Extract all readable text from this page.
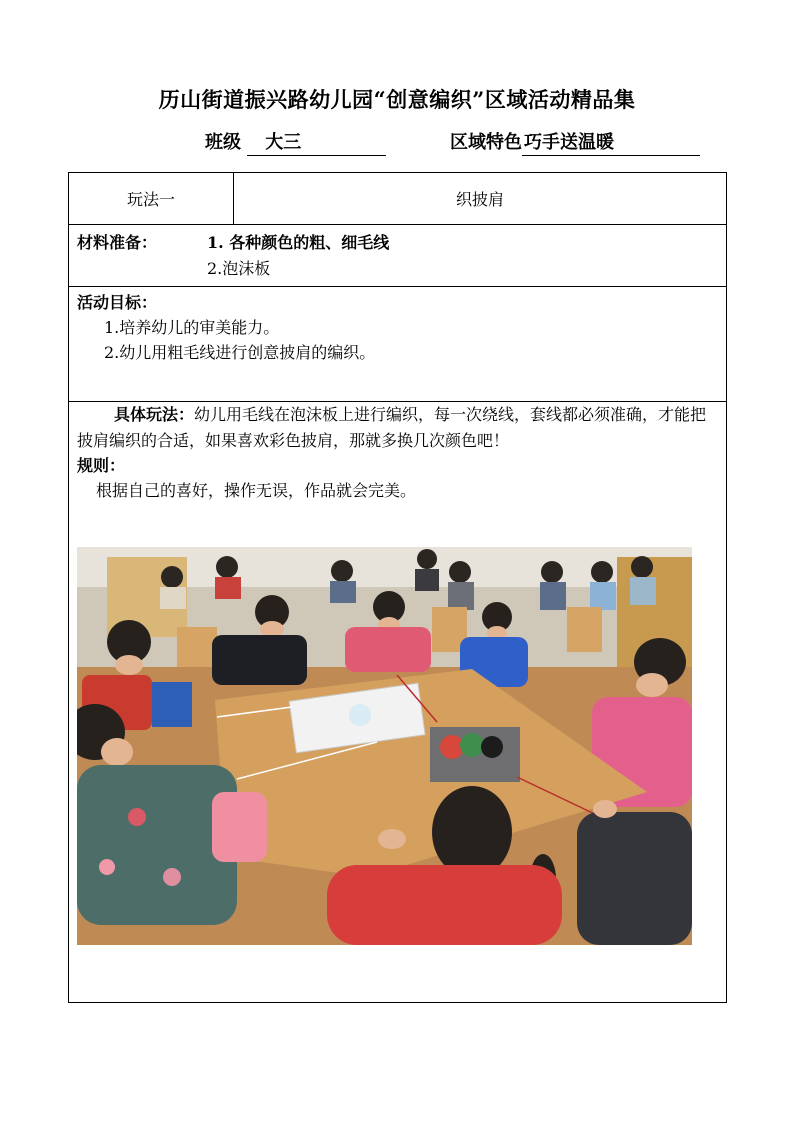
历山街道振兴路幼儿园“创意编织”区域活动精品集
班级 大三	区域特色 巧手送温暖
玩法一	织披肩
材料准备：	1. 各种颜色的粗、细毛线
2.泡沫板
活动目标：
1.培养幼儿的审美能力。
2.幼儿用粗毛线进行创意披肩的编织。
具体玩法：幼儿用毛线在泡沫板上进行编织，每一次绕线，套线都必须准确，才能把披肩编织的合适，如果喜欢彩色披肩，那就多换几次颜色吧！
规则：
根据自己的喜好，操作无误，作品就会完美。
